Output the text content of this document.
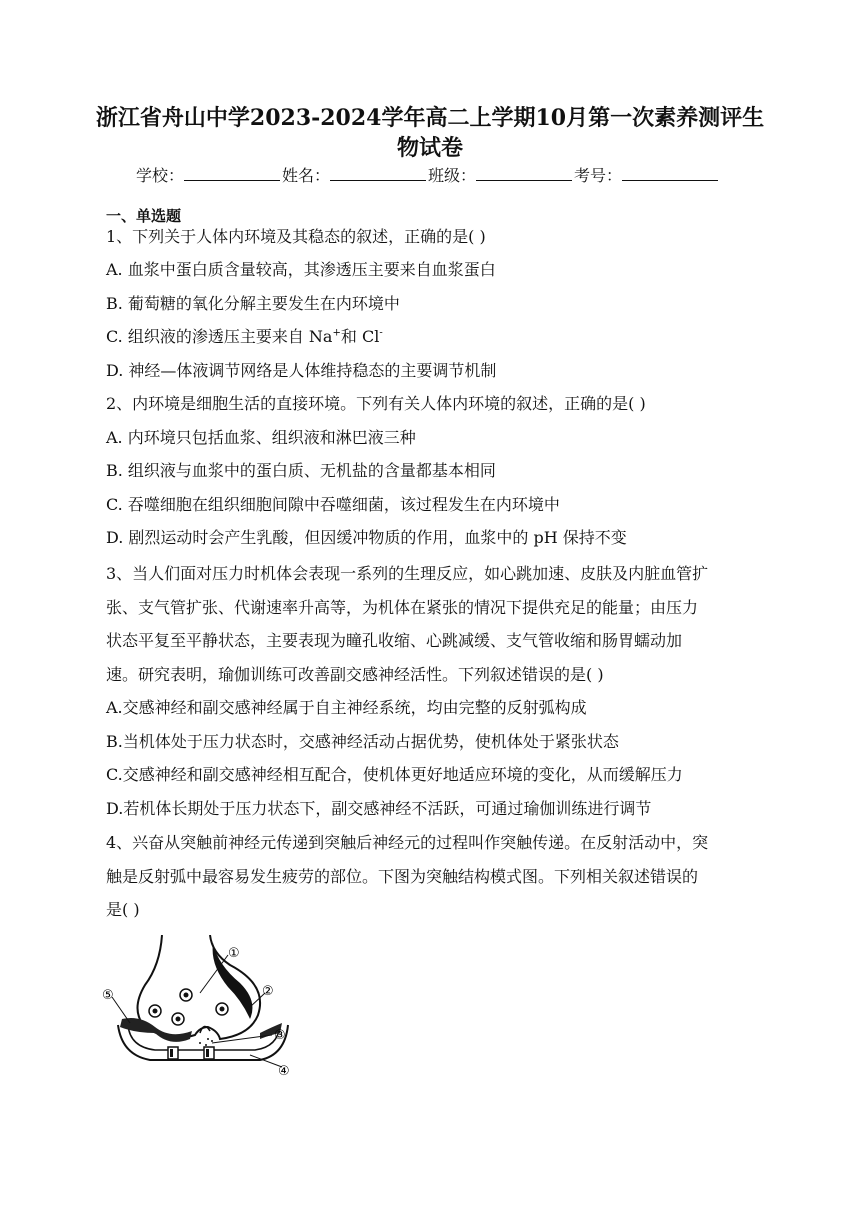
浙江省舟山中学2023-2024学年高二上学期10月第一次素养测评生
物试卷
学校：	姓名：	班级：	考号：
一、单选题
1、下列关于人体内环境及其稳态的叙述，正确的是( )
A. 血浆中蛋白质含量较高，其渗透压主要来自血浆蛋白
B. 葡萄糖的氧化分解主要发生在内环境中
C. 组织液的渗透压主要来自 Na+和 Cl-
D. 神经—体液调节网络是人体维持稳态的主要调节机制
2、内环境是细胞生活的直接环境。下列有关人体内环境的叙述，正确的是( )
A. 内环境只包括血浆、组织液和淋巴液三种
B. 组织液与血浆中的蛋白质、无机盐的含量都基本相同
C. 吞噬细胞在组织细胞间隙中吞噬细菌，该过程发生在内环境中
D. 剧烈运动时会产生乳酸，但因缓冲物质的作用，血浆中的 pH 保持不变
3、当人们面对压力时机体会表现一系列的生理反应，如心跳加速、皮肤及内脏血管扩
张、支气管扩张、代谢速率升高等，为机体在紧张的情况下提供充足的能量；由压力
状态平复至平静状态，主要表现为瞳孔收缩、心跳减缓、支气管收缩和肠胃蠕动加
速。研究表明，瑜伽训练可改善副交感神经活性。下列叙述错误的是( )
A.交感神经和副交感神经属于自主神经系统，均由完整的反射弧构成
B.当机体处于压力状态时，交感神经活动占据优势，使机体处于紧张状态
C.交感神经和副交感神经相互配合，使机体更好地适应环境的变化，从而缓解压力
D.若机体长期处于压力状态下，副交感神经不活跃，可通过瑜伽训练进行调节
4、兴奋从突触前神经元传递到突触后神经元的过程叫作突触传递。在反射活动中，突
触是反射弧中最容易发生疲劳的部位。下图为突触结构模式图。下列相关叙述错误的
是( )
①
②
③
④
⑤
